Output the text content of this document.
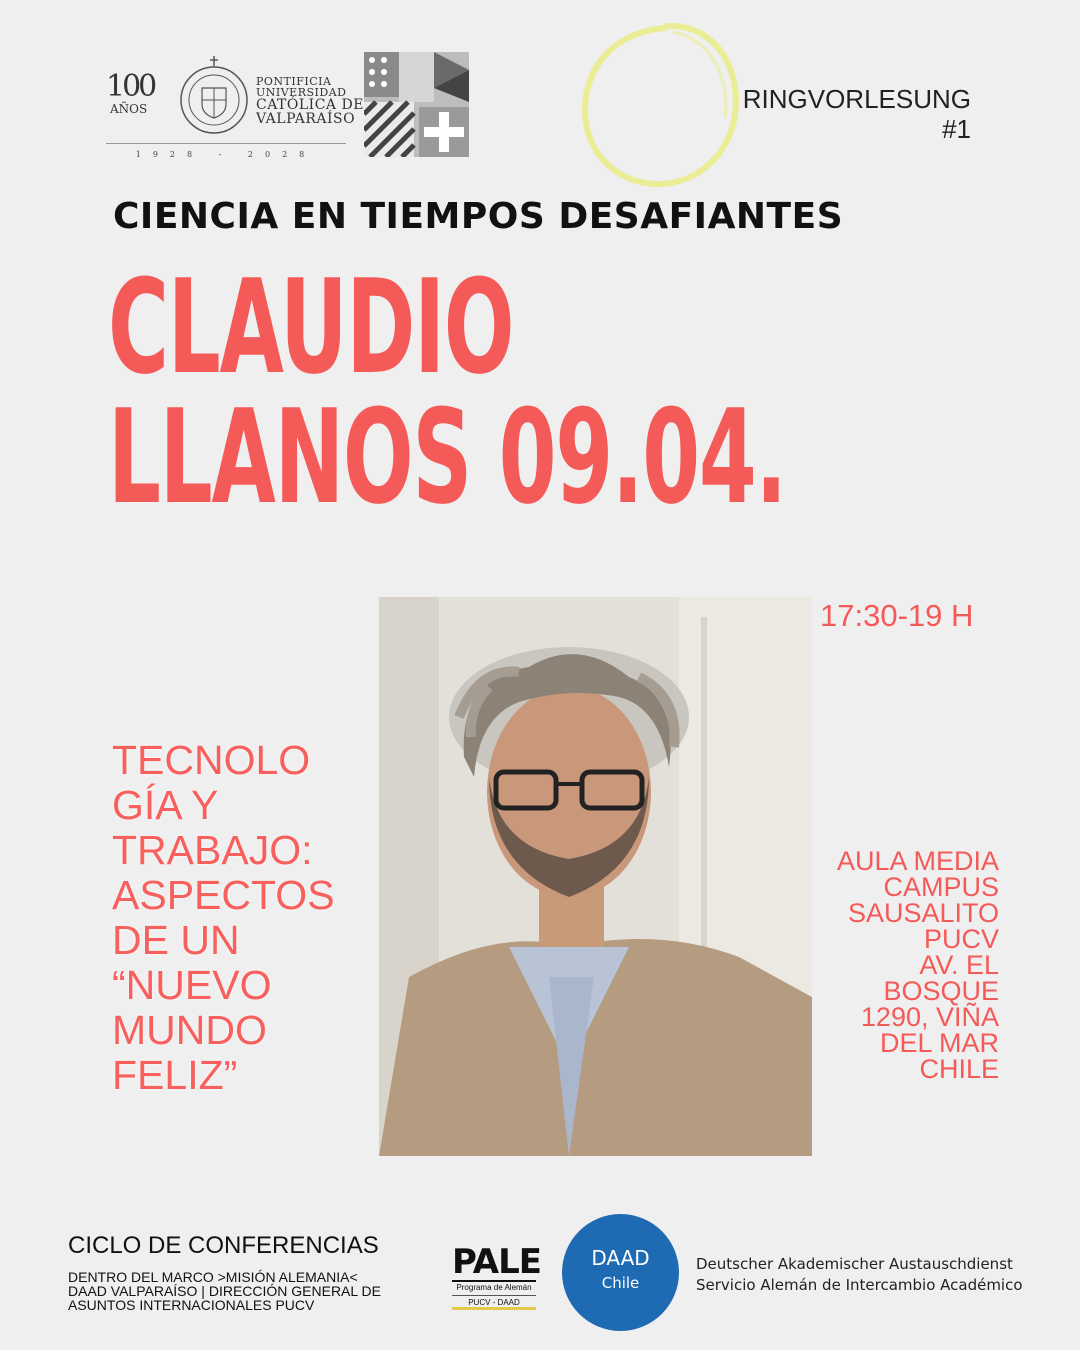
100
AÑOS
PONTIFICIA
UNIVERSIDAD
CATÓLICA DE
VALPARAÍSO
1928 - 2028
RINGVORLESUNG
#1
CIENCIA EN TIEMPOS DESAFIANTES
CLAUDIO
LLANOS 09.04.
17:30-19 H
TECNOLO
GÍA Y
TRABAJO:
ASPECTOS
DE UN
“NUEVO
MUNDO
FELIZ”
AULA MEDIA
CAMPUS
SAUSALITO
PUCV
AV. EL
BOSQUE
1290, VIÑA
DEL MAR
CHILE
CICLO DE CONFERENCIAS
DENTRO DEL MARCO >MISIÓN ALEMANIA<
DAAD VALPARAÍSO | DIRECCIÓN GENERAL DE
ASUNTOS INTERNACIONALES PUCV
PALE
Programa de Alemán
PUCV - DAAD
DAAD
Chile
Deutscher Akademischer Austauschdienst
Servicio Alemán de Intercambio Académico
